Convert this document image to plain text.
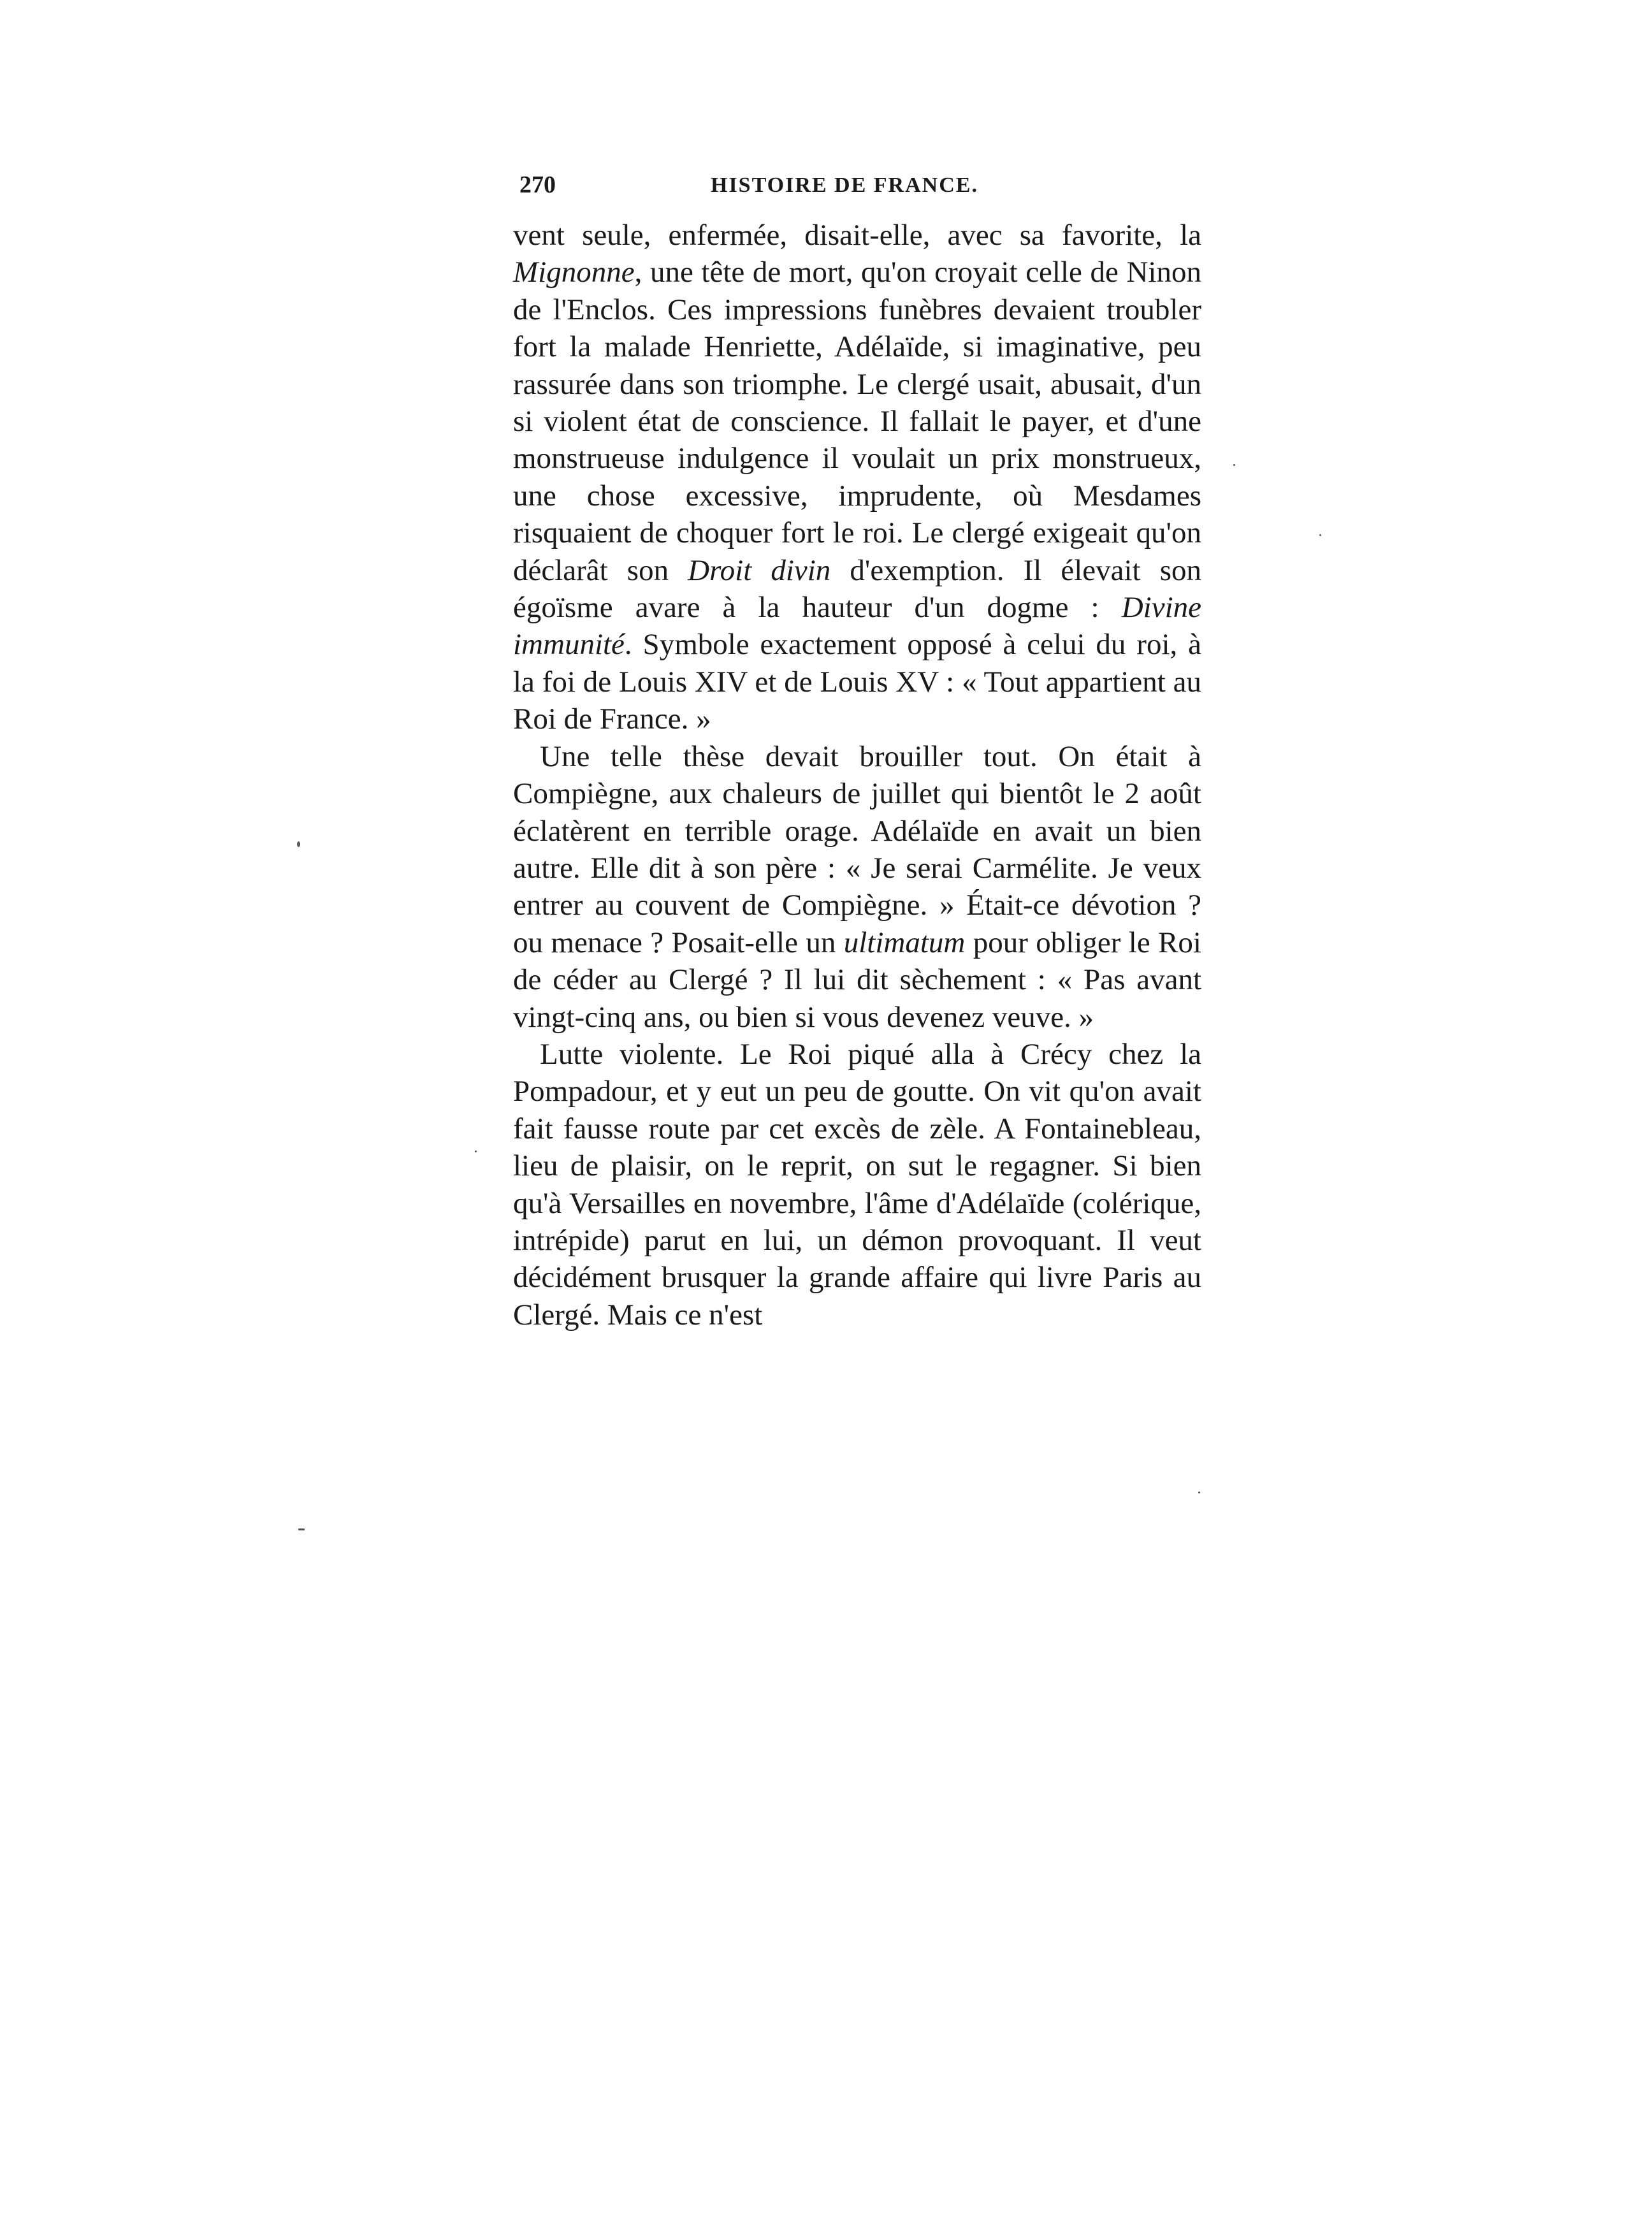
270	HISTOIRE DE FRANCE.

vent seule, enfermée, disait-elle, avec sa favorite, la Mignonne, une tête de mort, qu'on croyait celle de Ninon de l'Enclos. Ces impressions funèbres devaient troubler fort la malade Henriette, Adélaïde, si imaginative, peu rassurée dans son triomphe. Le clergé usait, abusait, d'un si violent état de conscience. Il fallait le payer, et d'une monstrueuse indulgence il voulait un prix monstrueux, une chose excessive, imprudente, où Mesdames risquaient de choquer fort le roi. Le clergé exigeait qu'on déclarât son Droit divin d'exemption. Il élevait son égoïsme avare à la hauteur d'un dogme : Divine immunité. Symbole exactement opposé à celui du roi, à la foi de Louis XIV et de Louis XV : « Tout appartient au Roi de France. »

Une telle thèse devait brouiller tout. On était à Compiègne, aux chaleurs de juillet qui bientôt le 2 août éclatèrent en terrible orage. Adélaïde en avait un bien autre. Elle dit à son père : « Je serai Carmélite. Je veux entrer au couvent de Compiègne. » Était-ce dévotion ? ou menace ? Posait-elle un ultimatum pour obliger le Roi de céder au Clergé ? Il lui dit sèchement : « Pas avant vingt-cinq ans, ou bien si vous devenez veuve. »

Lutte violente. Le Roi piqué alla à Crécy chez la Pompadour, et y eut un peu de goutte. On vit qu'on avait fait fausse route par cet excès de zèle. A Fontainebleau, lieu de plaisir, on le reprit, on sut le regagner. Si bien qu'à Versailles en novembre, l'âme d'Adélaïde (colérique, intrépide) parut en lui, un démon provoquant. Il veut décidément brusquer la grande affaire qui livre Paris au Clergé. Mais ce n'est
